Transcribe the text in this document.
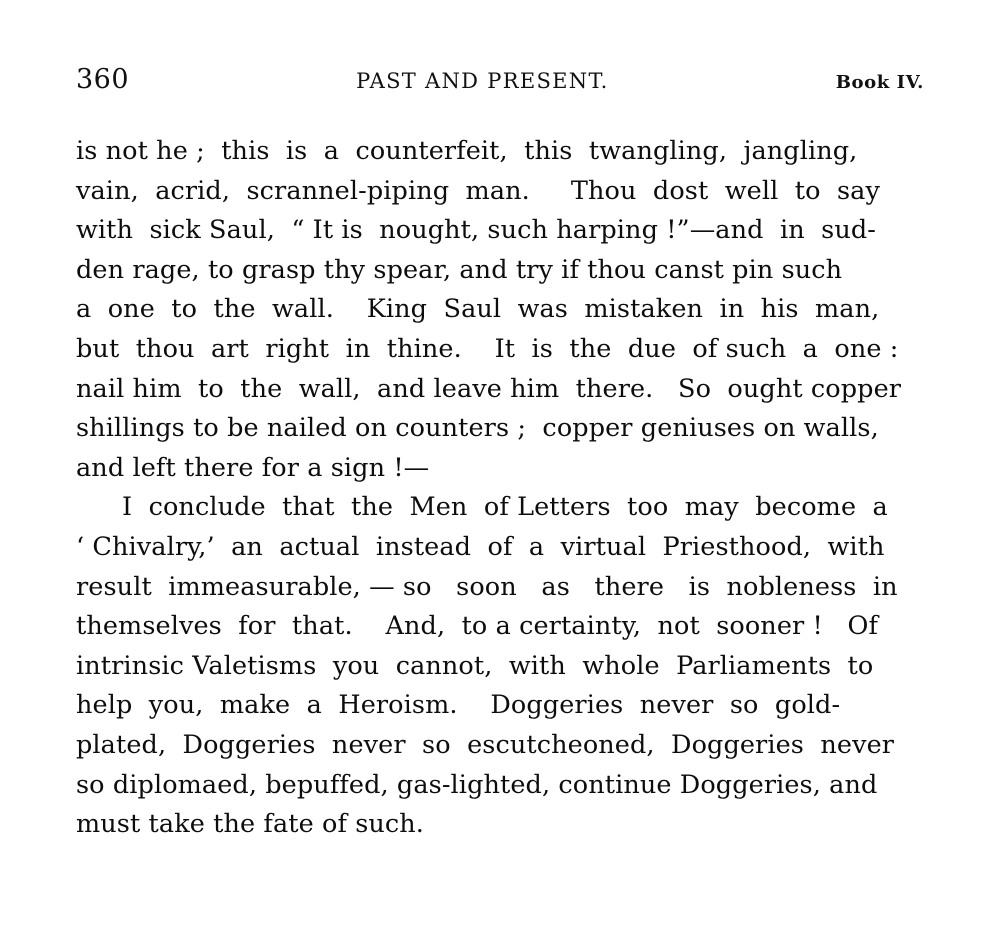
360	PAST AND PRESENT.	Book IV.

is not he ;  this  is  a  counterfeit,  this  twangling,  jangling,
vain,  acrid,  scrannel-piping  man.     Thou  dost  well  to  say
with  sick Saul,  “ It is  nought, such harping !”—and  in  sud-
den rage, to grasp thy spear, and try if thou canst pin such
a  one  to  the  wall.    King  Saul  was  mistaken  in  his  man,
but  thou  art  right  in  thine.    It  is  the  due  of such  a  one :
nail him  to  the  wall,  and leave him  there.   So  ought copper
shillings to be nailed on counters ;  copper geniuses on walls,
and left there for a sign !—

I  conclude  that  the  Men  of Letters  too  may  become  a
‘ Chivalry,’  an  actual  instead  of  a  virtual  Priesthood,  with
result  immeasurable, — so   soon   as   there   is  nobleness  in
themselves  for  that.    And,  to a certainty,  not  sooner !   Of
intrinsic Valetisms  you  cannot,  with  whole  Parliaments  to
help  you,  make  a  Heroism.    Doggeries  never  so  gold-
plated,  Doggeries  never  so  escutcheoned,  Doggeries  never
so diplomaed, bepuffed, gas-lighted, continue Doggeries, and
must take the fate of such.
